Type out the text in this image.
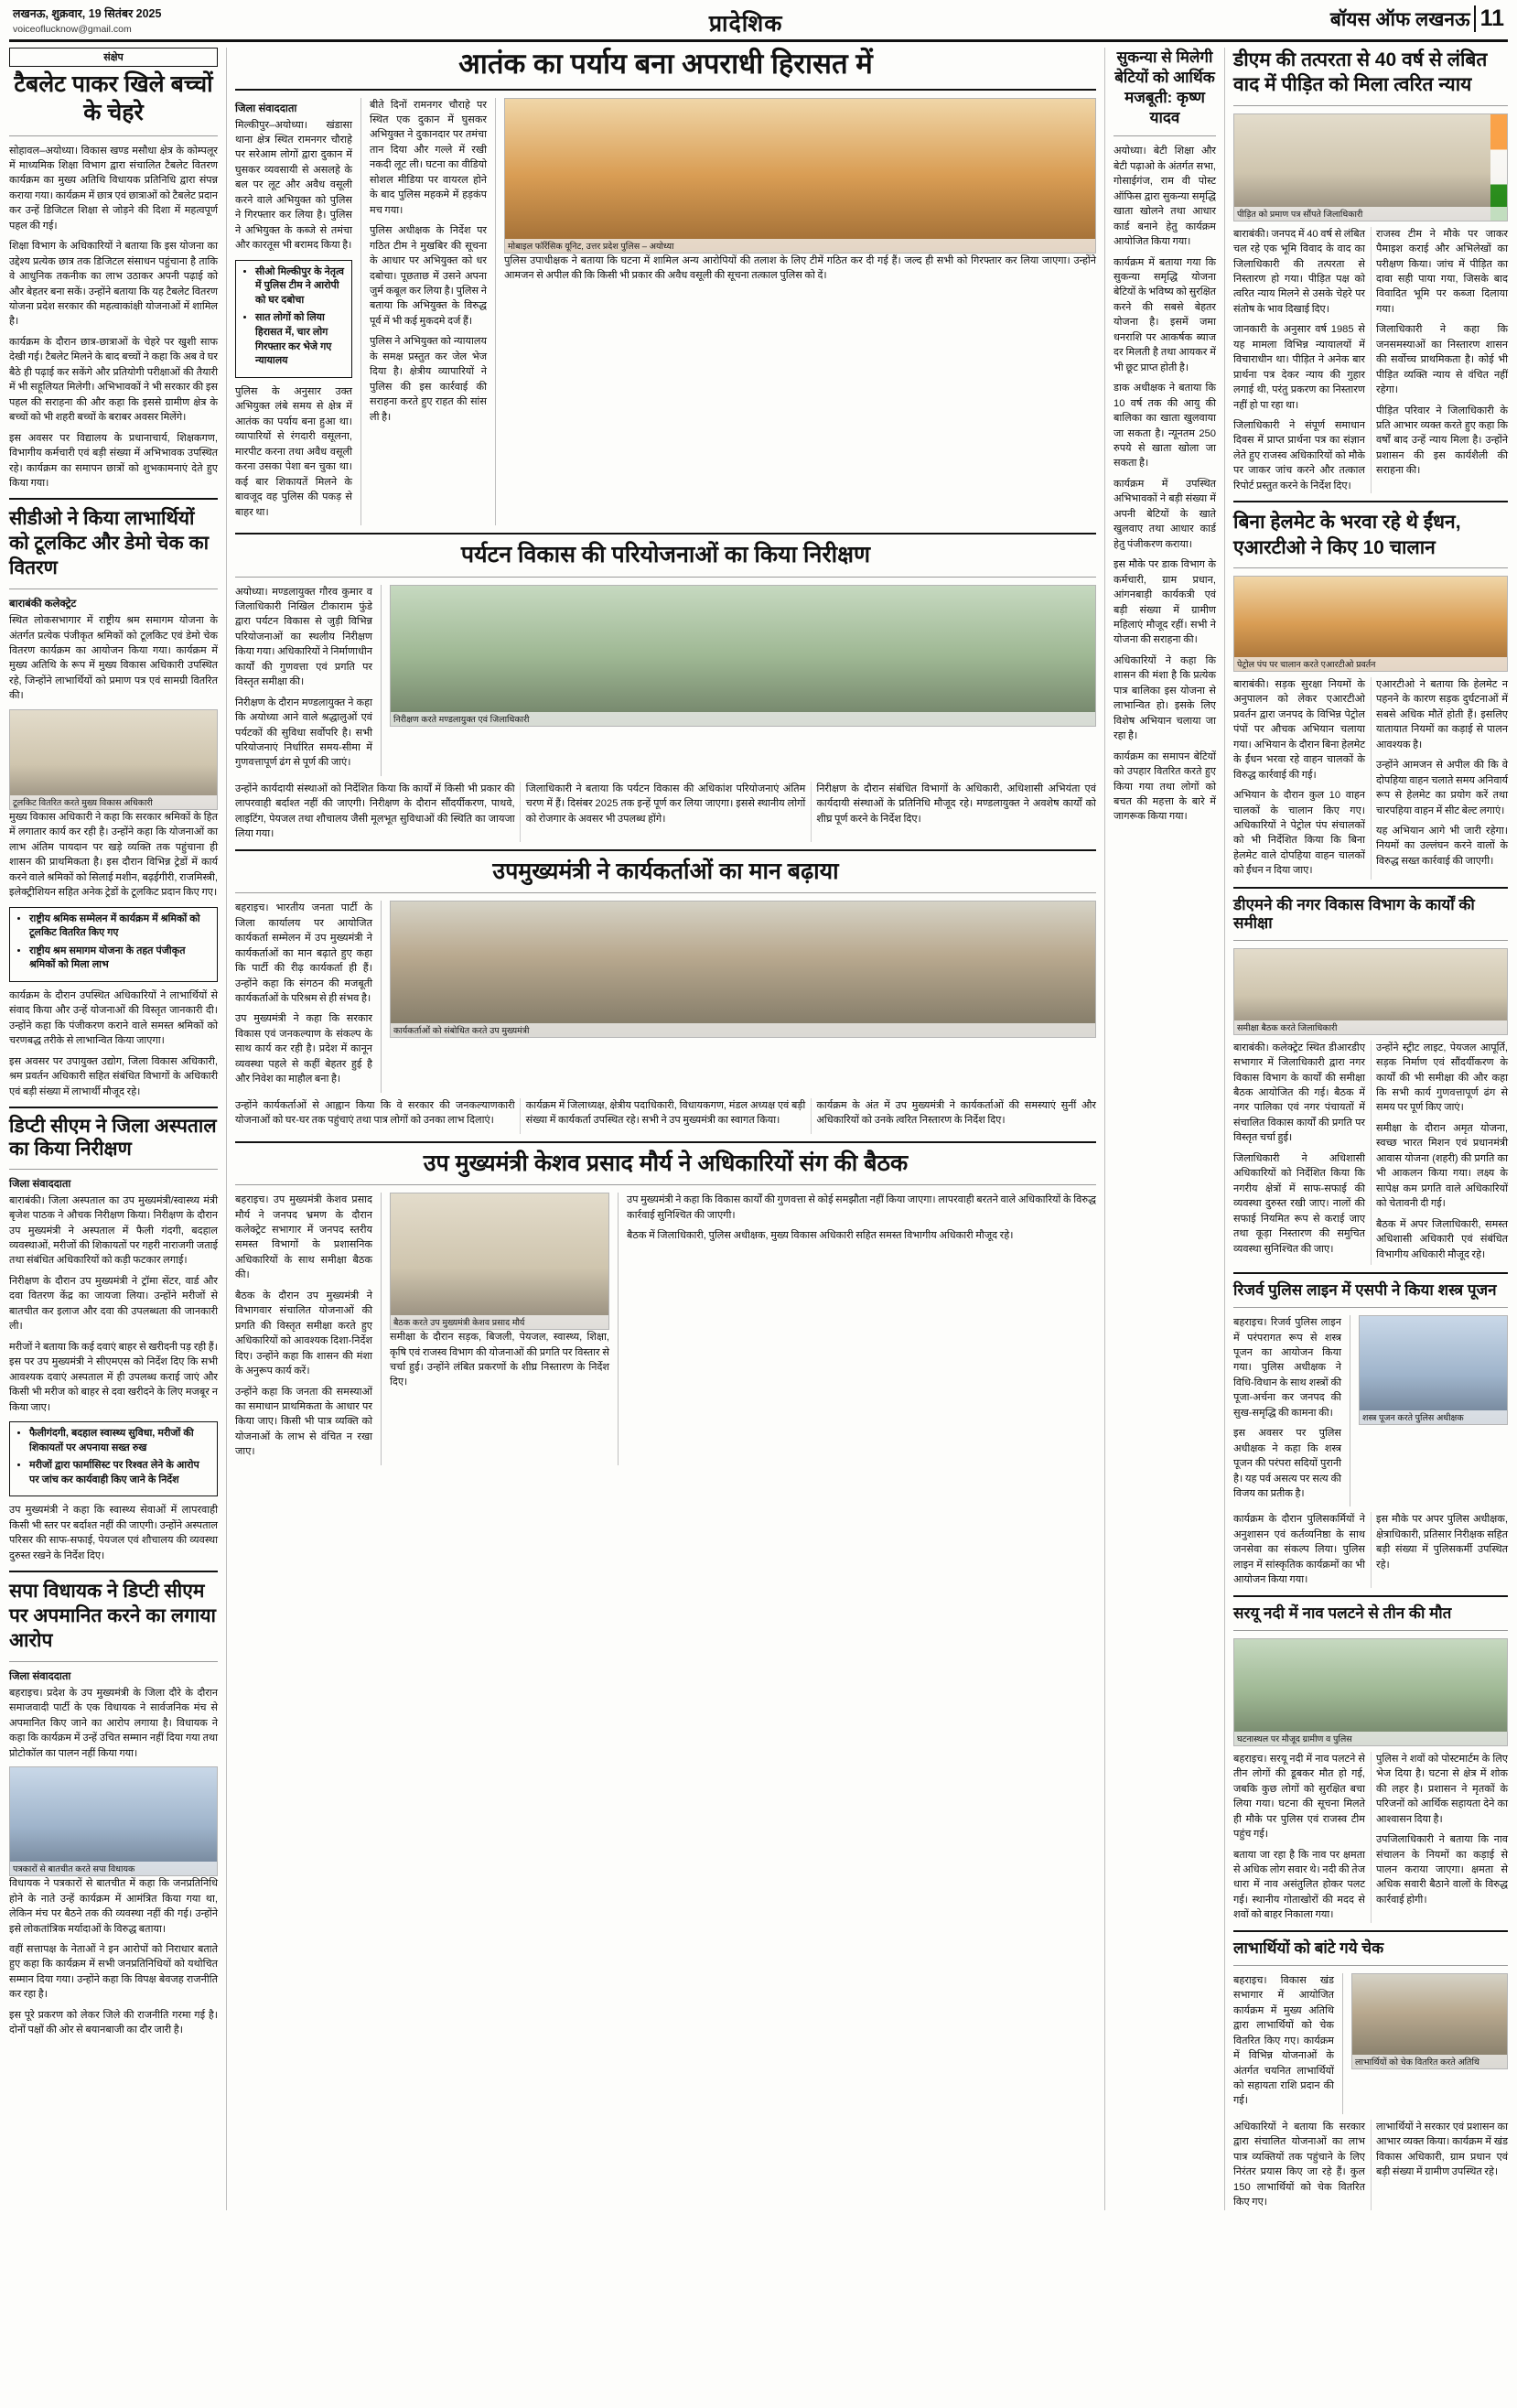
लखनऊ, शुक्रवार, 19 सितंबर 2025
voiceoflucknow@gmail.com	प्रादेशिक	बॉयस ऑफ लखनऊ 11
संक्षेप
टैबलेट पाकर खिले बच्चों के चेहरे

सोहावल–अयोध्या। विकास खण्ड मसौधा क्षेत्र के कोम्पलूर में माध्यमिक शिक्षा विभाग द्वारा संचालित टैबलेट वितरण कार्यक्रम का मुख्य अतिथि विधायक प्रतिनिधि द्वारा संपन्न कराया गया। कार्यक्रम में छात्र एवं छात्राओं को टैबलेट प्रदान कर उन्हें डिजिटल शिक्षा से जोड़ने की दिशा में महत्वपूर्ण पहल की गई।

शिक्षा विभाग के अधिकारियों ने बताया कि इस योजना का उद्देश्य प्रत्येक छात्र तक डिजिटल संसाधन पहुंचाना है ताकि वे आधुनिक तकनीक का लाभ उठाकर अपनी पढ़ाई को और बेहतर बना सकें। उन्होंने बताया कि यह टैबलेट वितरण योजना प्रदेश सरकार की महत्वाकांक्षी योजनाओं में शामिल है।

कार्यक्रम के दौरान छात्र-छात्राओं के चेहरे पर खुशी साफ देखी गई। टैबलेट मिलने के बाद बच्चों ने कहा कि अब वे घर बैठे ही पढ़ाई कर सकेंगे और प्रतियोगी परीक्षाओं की तैयारी में भी सहूलियत मिलेगी। अभिभावकों ने भी सरकार की इस पहल की सराहना की और कहा कि इससे ग्रामीण क्षेत्र के बच्चों को भी शहरी बच्चों के बराबर अवसर मिलेंगे।

इस अवसर पर विद्यालय के प्रधानाचार्य, शिक्षकगण, विभागीय कर्मचारी एवं बड़ी संख्या में अभिभावक उपस्थित रहे। कार्यक्रम का समापन छात्रों को शुभकामनाएं देते हुए किया गया।

सीडीओ ने किया लाभार्थियों को टूलकिट और डेमो चेक का वितरण
बाराबंकी कलेक्ट्रेट

स्थित लोकसभागार में राष्ट्रीय श्रम समागम योजना के अंतर्गत प्रत्येक पंजीकृत श्रमिकों को टूलकिट एवं डेमो चेक वितरण कार्यक्रम का आयोजन किया गया। कार्यक्रम में मुख्य अतिथि के रूप में मुख्य विकास अधिकारी उपस्थित रहे, जिन्होंने लाभार्थियों को प्रमाण पत्र एवं सामग्री वितरित की।

टूलकिट वितरित करते मुख्य विकास अधिकारी

मुख्य विकास अधिकारी ने कहा कि सरकार श्रमिकों के हित में लगातार कार्य कर रही है। उन्होंने कहा कि योजनाओं का लाभ अंतिम पायदान पर खड़े व्यक्ति तक पहुंचाना ही शासन की प्राथमिकता है। इस दौरान विभिन्न ट्रेडों में कार्य करने वाले श्रमिकों को सिलाई मशीन, बढ़ईगीरी, राजमिस्त्री, इलेक्ट्रीशियन सहित अनेक ट्रेडों के टूलकिट प्रदान किए गए।

• राष्ट्रीय श्रमिक सम्मेलन में कार्यक्रम में श्रमिकों को टूलकिट वितरित किए गए
• राष्ट्रीय श्रम समागम योजना के तहत पंजीकृत श्रमिकों को मिला लाभ

कार्यक्रम के दौरान उपस्थित अधिकारियों ने लाभार्थियों से संवाद किया और उन्हें योजनाओं की विस्तृत जानकारी दी। उन्होंने कहा कि पंजीकरण कराने वाले समस्त श्रमिकों को चरणबद्ध तरीके से लाभान्वित किया जाएगा।

इस अवसर पर उपायुक्त उद्योग, जिला विकास अधिकारी, श्रम प्रवर्तन अधिकारी सहित संबंधित विभागों के अधिकारी एवं बड़ी संख्या में लाभार्थी मौजूद रहे।

डिप्टी सीएम ने जिला अस्पताल का किया निरीक्षण
जिला संवाददाता

बाराबंकी। जिला अस्पताल का उप मुख्यमंत्री/स्वास्थ्य मंत्री बृजेश पाठक ने औचक निरीक्षण किया। निरीक्षण के दौरान उप मुख्यमंत्री ने अस्पताल में फैली गंदगी, बदहाल व्यवस्थाओं, मरीजों की शिकायतों पर गहरी नाराजगी जताई तथा संबंधित अधिकारियों को कड़ी फटकार लगाई।

निरीक्षण के दौरान उप मुख्यमंत्री ने ट्रॉमा सेंटर, वार्ड और दवा वितरण केंद्र का जायजा लिया। उन्होंने मरीजों से बातचीत कर इलाज और दवा की उपलब्धता की जानकारी ली।

मरीजों ने बताया कि कई दवाएं बाहर से खरीदनी पड़ रही हैं। इस पर उप मुख्यमंत्री ने सीएमएस को निर्देश दिए कि सभी आवश्यक दवाएं अस्पताल में ही उपलब्ध कराई जाएं और किसी भी मरीज को बाहर से दवा खरीदने के लिए मजबूर न किया जाए।

• फैलीगंदगी, बदहाल स्वास्थ्य सुविधा, मरीजों की शिकायतों पर अपनाया सख्त रुख
• मरीजों द्वारा फार्मासिस्ट पर रिश्वत लेने के आरोप पर जांच कर कार्यवाही किए जाने के निर्देश

उप मुख्यमंत्री ने कहा कि स्वास्थ्य सेवाओं में लापरवाही किसी भी स्तर पर बर्दाश्त नहीं की जाएगी। उन्होंने अस्पताल परिसर की साफ-सफाई, पेयजल एवं शौचालय की व्यवस्था दुरुस्त रखने के निर्देश दिए।

सपा विधायक ने डिप्टी सीएम पर अपमानित करने का लगाया आरोप
जिला संवाददाता

बहराइच। प्रदेश के उप मुख्यमंत्री के जिला दौरे के दौरान समाजवादी पार्टी के एक विधायक ने सार्वजनिक मंच से अपमानित किए जाने का आरोप लगाया है। विधायक ने कहा कि कार्यक्रम में उन्हें उचित सम्मान नहीं दिया गया तथा प्रोटोकॉल का पालन नहीं किया गया।

पत्रकारों से बातचीत करते सपा विधायक

विधायक ने पत्रकारों से बातचीत में कहा कि जनप्रतिनिधि होने के नाते उन्हें कार्यक्रम में आमंत्रित किया गया था, लेकिन मंच पर बैठने तक की व्यवस्था नहीं की गई। उन्होंने इसे लोकतांत्रिक मर्यादाओं के विरुद्ध बताया।

वहीं सत्तापक्ष के नेताओं ने इन आरोपों को निराधार बताते हुए कहा कि कार्यक्रम में सभी जनप्रतिनिधियों को यथोचित सम्मान दिया गया। उन्होंने कहा कि विपक्ष बेवजह राजनीति कर रहा है।

इस पूरे प्रकरण को लेकर जिले की राजनीति गरमा गई है। दोनों पक्षों की ओर से बयानबाजी का दौर जारी है।

आतंक का पर्याय बना अपराधी हिरासत में
जिला संवाददाता

मिल्कीपुर–अयोध्या। खंडासा थाना क्षेत्र स्थित रामनगर चौराहे पर सरेआम लोगों द्वारा दुकान में घुसकर व्यवसायी से असलहे के बल पर लूट और अवैध वसूली करने वाले अभियुक्त को पुलिस ने गिरफ्तार कर लिया है। पुलिस ने अभियुक्त के कब्जे से तमंचा और कारतूस भी बरामद किया है।

• सीओ मिल्कीपुर के नेतृत्व में पुलिस टीम ने आरोपी को घर दबोचा
• सात लोगों को लिया हिरासत में, चार लोग गिरफ्तार कर भेजे गए न्यायालय

पुलिस के अनुसार उक्त अभियुक्त लंबे समय से क्षेत्र में आतंक का पर्याय बना हुआ था। व्यापारियों से रंगदारी वसूलना, मारपीट करना तथा अवैध वसूली करना उसका पेशा बन चुका था। कई बार शिकायतें मिलने के बावजूद वह पुलिस की पकड़ से बाहर था।

बीते दिनों रामनगर चौराहे पर स्थित एक दुकान में घुसकर अभियुक्त ने दुकानदार पर तमंचा तान दिया और गल्ले में रखी नकदी लूट ली। घटना का वीडियो सोशल मीडिया पर वायरल होने के बाद पुलिस महकमे में हड़कंप मच गया।

पुलिस अधीक्षक के निर्देश पर गठित टीम ने मुखबिर की सूचना के आधार पर अभियुक्त को धर दबोचा। पूछताछ में उसने अपना जुर्म कबूल कर लिया है। पुलिस ने बताया कि अभियुक्त के विरुद्ध पूर्व में भी कई मुकदमे दर्ज हैं।

पुलिस ने अभियुक्त को न्यायालय के समक्ष प्रस्तुत कर जेल भेज दिया है। क्षेत्रीय व्यापारियों ने पुलिस की इस कार्रवाई की सराहना करते हुए राहत की सांस ली है।

मोबाइल फॉरेंसिक यूनिट, उत्तर प्रदेश पुलिस – अयोध्या

पुलिस उपाधीक्षक ने बताया कि घटना में शामिल अन्य आरोपियों की तलाश के लिए टीमें गठित कर दी गई हैं। जल्द ही सभी को गिरफ्तार कर लिया जाएगा। उन्होंने आमजन से अपील की कि किसी भी प्रकार की अवैध वसूली की सूचना तत्काल पुलिस को दें।

पर्यटन विकास की परियोजनाओं का किया निरीक्षण

अयोध्या। मण्डलायुक्त गौरव कुमार व जिलाधिकारी निखिल टीकाराम फुंडे द्वारा पर्यटन विकास से जुड़ी विभिन्न परियोजनाओं का स्थलीय निरीक्षण किया गया। अधिकारियों ने निर्माणाधीन कार्यों की गुणवत्ता एवं प्रगति पर विस्तृत समीक्षा की।

निरीक्षण के दौरान मण्डलायुक्त ने कहा कि अयोध्या आने वाले श्रद्धालुओं एवं पर्यटकों की सुविधा सर्वोपरि है। सभी परियोजनाएं निर्धारित समय-सीमा में गुणवत्तापूर्ण ढंग से पूर्ण की जाएं।

निरीक्षण करते मण्डलायुक्त एवं जिलाधिकारी

उन्होंने कार्यदायी संस्थाओं को निर्देशित किया कि कार्यों में किसी भी प्रकार की लापरवाही बर्दाश्त नहीं की जाएगी। निरीक्षण के दौरान सौंदर्यीकरण, पाथवे, लाइटिंग, पेयजल तथा शौचालय जैसी मूलभूत सुविधाओं की स्थिति का जायजा लिया गया।

जिलाधिकारी ने बताया कि पर्यटन विकास की अधिकांश परियोजनाएं अंतिम चरण में हैं। दिसंबर 2025 तक इन्हें पूर्ण कर लिया जाएगा। इससे स्थानीय लोगों को रोजगार के अवसर भी उपलब्ध होंगे।

निरीक्षण के दौरान संबंधित विभागों के अधिकारी, अधिशासी अभियंता एवं कार्यदायी संस्थाओं के प्रतिनिधि मौजूद रहे। मण्डलायुक्त ने अवशेष कार्यों को शीघ्र पूर्ण करने के निर्देश दिए।

उपमुख्यमंत्री ने कार्यकर्ताओं का मान बढ़ाया

बहराइच। भारतीय जनता पार्टी के जिला कार्यालय पर आयोजित कार्यकर्ता सम्मेलन में उप मुख्यमंत्री ने कार्यकर्ताओं का मान बढ़ाते हुए कहा कि पार्टी की रीढ़ कार्यकर्ता ही हैं। उन्होंने कहा कि संगठन की मजबूती कार्यकर्ताओं के परिश्रम से ही संभव है।

उप मुख्यमंत्री ने कहा कि सरकार विकास एवं जनकल्याण के संकल्प के साथ कार्य कर रही है। प्रदेश में कानून व्यवस्था पहले से कहीं बेहतर हुई है और निवेश का माहौल बना है।

कार्यकर्ताओं को संबोधित करते उप मुख्यमंत्री

उन्होंने कार्यकर्ताओं से आह्वान किया कि वे सरकार की जनकल्याणकारी योजनाओं को घर-घर तक पहुंचाएं तथा पात्र लोगों को उनका लाभ दिलाएं।

कार्यक्रम में जिलाध्यक्ष, क्षेत्रीय पदाधिकारी, विधायकगण, मंडल अध्यक्ष एवं बड़ी संख्या में कार्यकर्ता उपस्थित रहे। सभी ने उप मुख्यमंत्री का स्वागत किया।

कार्यक्रम के अंत में उप मुख्यमंत्री ने कार्यकर्ताओं की समस्याएं सुनीं और अधिकारियों को उनके त्वरित निस्तारण के निर्देश दिए।

उप मुख्यमंत्री केशव प्रसाद मौर्य ने अधिकारियों संग की बैठक

बहराइच। उप मुख्यमंत्री केशव प्रसाद मौर्य ने जनपद भ्रमण के दौरान कलेक्ट्रेट सभागार में जनपद स्तरीय समस्त विभागों के प्रशासनिक अधिकारियों के साथ समीक्षा बैठक की।

बैठक के दौरान उप मुख्यमंत्री ने विभागवार संचालित योजनाओं की प्रगति की विस्तृत समीक्षा करते हुए अधिकारियों को आवश्यक दिशा-निर्देश दिए। उन्होंने कहा कि शासन की मंशा के अनुरूप कार्य करें।

उन्होंने कहा कि जनता की समस्याओं का समाधान प्राथमिकता के आधार पर किया जाए। किसी भी पात्र व्यक्ति को योजनाओं के लाभ से वंचित न रखा जाए।

बैठक करते उप मुख्यमंत्री केशव प्रसाद मौर्य

समीक्षा के दौरान सड़क, बिजली, पेयजल, स्वास्थ्य, शिक्षा, कृषि एवं राजस्व विभाग की योजनाओं की प्रगति पर विस्तार से चर्चा हुई। उन्होंने लंबित प्रकरणों के शीघ्र निस्तारण के निर्देश दिए।

उप मुख्यमंत्री ने कहा कि विकास कार्यों की गुणवत्ता से कोई समझौता नहीं किया जाएगा। लापरवाही बरतने वाले अधिकारियों के विरुद्ध कार्रवाई सुनिश्चित की जाएगी।

बैठक में जिलाधिकारी, पुलिस अधीक्षक, मुख्य विकास अधिकारी सहित समस्त विभागीय अधिकारी मौजूद रहे।

सुकन्या से मिलेगी बेटियों को आर्थिक मजबूती: कृष्ण यादव

अयोध्या। बेटी शिक्षा और बेटी पढ़ाओ के अंतर्गत सभा, गोसाईगंज, राम वी पोस्ट ऑफिस द्वारा सुकन्या समृद्धि खाता खोलने तथा आधार कार्ड बनाने हेतु कार्यक्रम आयोजित किया गया।

कार्यक्रम में बताया गया कि सुकन्या समृद्धि योजना बेटियों के भविष्य को सुरक्षित करने की सबसे बेहतर योजना है। इसमें जमा धनराशि पर आकर्षक ब्याज दर मिलती है तथा आयकर में भी छूट प्राप्त होती है।

डाक अधीक्षक ने बताया कि 10 वर्ष तक की आयु की बालिका का खाता खुलवाया जा सकता है। न्यूनतम 250 रुपये से खाता खोला जा सकता है।

कार्यक्रम में उपस्थित अभिभावकों ने बड़ी संख्या में अपनी बेटियों के खाते खुलवाए तथा आधार कार्ड हेतु पंजीकरण कराया।

इस मौके पर डाक विभाग के कर्मचारी, ग्राम प्रधान, आंगनबाड़ी कार्यकत्री एवं बड़ी संख्या में ग्रामीण महिलाएं मौजूद रहीं। सभी ने योजना की सराहना की।

अधिकारियों ने कहा कि शासन की मंशा है कि प्रत्येक पात्र बालिका इस योजना से लाभान्वित हो। इसके लिए विशेष अभियान चलाया जा रहा है।

कार्यक्रम का समापन बेटियों को उपहार वितरित करते हुए किया गया तथा लोगों को बचत की महत्ता के बारे में जागरूक किया गया।

डीएम की तत्परता से 40 वर्ष से लंबित वाद में पीड़ित को मिला त्वरित न्याय
पीड़ित को प्रमाण पत्र सौंपते जिलाधिकारी

बाराबंकी। जनपद में 40 वर्ष से लंबित चल रहे एक भूमि विवाद के वाद का जिलाधिकारी की तत्परता से निस्तारण हो गया। पीड़ित पक्ष को त्वरित न्याय मिलने से उसके चेहरे पर संतोष के भाव दिखाई दिए।

जानकारी के अनुसार वर्ष 1985 से यह मामला विभिन्न न्यायालयों में विचाराधीन था। पीड़ित ने अनेक बार प्रार्थना पत्र देकर न्याय की गुहार लगाई थी, परंतु प्रकरण का निस्तारण नहीं हो पा रहा था।

जिलाधिकारी ने संपूर्ण समाधान दिवस में प्राप्त प्रार्थना पत्र का संज्ञान लेते हुए राजस्व अधिकारियों को मौके पर जाकर जांच करने और तत्काल रिपोर्ट प्रस्तुत करने के निर्देश दिए।

राजस्व टीम ने मौके पर जाकर पैमाइश कराई और अभिलेखों का परीक्षण किया। जांच में पीड़ित का दावा सही पाया गया, जिसके बाद विवादित भूमि पर कब्जा दिलाया गया।

जिलाधिकारी ने कहा कि जनसमस्याओं का निस्तारण शासन की सर्वोच्च प्राथमिकता है। कोई भी पीड़ित व्यक्ति न्याय से वंचित नहीं रहेगा।

पीड़ित परिवार ने जिलाधिकारी के प्रति आभार व्यक्त करते हुए कहा कि वर्षों बाद उन्हें न्याय मिला है। उन्होंने प्रशासन की इस कार्यशैली की सराहना की।

बिना हेलमेट के भरवा रहे थे ईंधन, एआरटीओ ने किए 10 चालान
पेट्रोल पंप पर चालान करते एआरटीओ प्रवर्तन

बाराबंकी। सड़क सुरक्षा नियमों के अनुपालन को लेकर एआरटीओ प्रवर्तन द्वारा जनपद के विभिन्न पेट्रोल पंपों पर औचक अभियान चलाया गया। अभियान के दौरान बिना हेलमेट के ईंधन भरवा रहे वाहन चालकों के विरुद्ध कार्रवाई की गई।

अभियान के दौरान कुल 10 वाहन चालकों के चालान किए गए। अधिकारियों ने पेट्रोल पंप संचालकों को भी निर्देशित किया कि बिना हेलमेट वाले दोपहिया वाहन चालकों को ईंधन न दिया जाए।

एआरटीओ ने बताया कि हेलमेट न पहनने के कारण सड़क दुर्घटनाओं में सबसे अधिक मौतें होती हैं। इसलिए यातायात नियमों का कड़ाई से पालन आवश्यक है।

उन्होंने आमजन से अपील की कि वे दोपहिया वाहन चलाते समय अनिवार्य रूप से हेलमेट का प्रयोग करें तथा चारपहिया वाहन में सीट बेल्ट लगाएं।

यह अभियान आगे भी जारी रहेगा। नियमों का उल्लंघन करने वालों के विरुद्ध सख्त कार्रवाई की जाएगी।

डीएमने की नगर विकास विभाग के कार्यों की समीक्षा
समीक्षा बैठक करते जिलाधिकारी

बाराबंकी। कलेक्ट्रेट स्थित डीआरडीए सभागार में जिलाधिकारी द्वारा नगर विकास विभाग के कार्यों की समीक्षा बैठक आयोजित की गई। बैठक में नगर पालिका एवं नगर पंचायतों में संचालित विकास कार्यों की प्रगति पर विस्तृत चर्चा हुई।

जिलाधिकारी ने अधिशासी अधिकारियों को निर्देशित किया कि नगरीय क्षेत्रों में साफ-सफाई की व्यवस्था दुरुस्त रखी जाए। नालों की सफाई नियमित रूप से कराई जाए तथा कूड़ा निस्तारण की समुचित व्यवस्था सुनिश्चित की जाए।

उन्होंने स्ट्रीट लाइट, पेयजल आपूर्ति, सड़क निर्माण एवं सौंदर्यीकरण के कार्यों की भी समीक्षा की और कहा कि सभी कार्य गुणवत्तापूर्ण ढंग से समय पर पूर्ण किए जाएं।

समीक्षा के दौरान अमृत योजना, स्वच्छ भारत मिशन एवं प्रधानमंत्री आवास योजना (शहरी) की प्रगति का भी आकलन किया गया। लक्ष्य के सापेक्ष कम प्रगति वाले अधिकारियों को चेतावनी दी गई।

बैठक में अपर जिलाधिकारी, समस्त अधिशासी अधिकारी एवं संबंधित विभागीय अधिकारी मौजूद रहे।

रिजर्व पुलिस लाइन में एसपी ने किया शस्त्र पूजन

बहराइच। रिजर्व पुलिस लाइन में परंपरागत रूप से शस्त्र पूजन का आयोजन किया गया। पुलिस अधीक्षक ने विधि-विधान के साथ शस्त्रों की पूजा-अर्चना कर जनपद की सुख-समृद्धि की कामना की।

इस अवसर पर पुलिस अधीक्षक ने कहा कि शस्त्र पूजन की परंपरा सदियों पुरानी है। यह पर्व असत्य पर सत्य की विजय का प्रतीक है।

शस्त्र पूजन करते पुलिस अधीक्षक

कार्यक्रम के दौरान पुलिसकर्मियों ने अनुशासन एवं कर्तव्यनिष्ठा के साथ जनसेवा का संकल्प लिया। पुलिस लाइन में सांस्कृतिक कार्यक्रमों का भी आयोजन किया गया।

इस मौके पर अपर पुलिस अधीक्षक, क्षेत्राधिकारी, प्रतिसार निरीक्षक सहित बड़ी संख्या में पुलिसकर्मी उपस्थित रहे।

सरयू नदी में नाव पलटने से तीन की मौत
घटनास्थल पर मौजूद ग्रामीण व पुलिस

बहराइच। सरयू नदी में नाव पलटने से तीन लोगों की डूबकर मौत हो गई, जबकि कुछ लोगों को सुरक्षित बचा लिया गया। घटना की सूचना मिलते ही मौके पर पुलिस एवं राजस्व टीम पहुंच गई।

बताया जा रहा है कि नाव पर क्षमता से अधिक लोग सवार थे। नदी की तेज धारा में नाव असंतुलित होकर पलट गई। स्थानीय गोताखोरों की मदद से शवों को बाहर निकाला गया।

पुलिस ने शवों को पोस्टमार्टम के लिए भेज दिया है। घटना से क्षेत्र में शोक की लहर है। प्रशासन ने मृतकों के परिजनों को आर्थिक सहायता देने का आश्वासन दिया है।

उपजिलाधिकारी ने बताया कि नाव संचालन के नियमों का कड़ाई से पालन कराया जाएगा। क्षमता से अधिक सवारी बैठाने वालों के विरुद्ध कार्रवाई होगी।

लाभार्थियों को बांटे गये चेक

बहराइच। विकास खंड सभागार में आयोजित कार्यक्रम में मुख्य अतिथि द्वारा लाभार्थियों को चेक वितरित किए गए। कार्यक्रम में विभिन्न योजनाओं के अंतर्गत चयनित लाभार्थियों को सहायता राशि प्रदान की गई।

लाभार्थियों को चेक वितरित करते अतिथि

अधिकारियों ने बताया कि सरकार द्वारा संचालित योजनाओं का लाभ पात्र व्यक्तियों तक पहुंचाने के लिए निरंतर प्रयास किए जा रहे हैं। कुल 150 लाभार्थियों को चेक वितरित किए गए।

लाभार्थियों ने सरकार एवं प्रशासन का आभार व्यक्त किया। कार्यक्रम में खंड विकास अधिकारी, ग्राम प्रधान एवं बड़ी संख्या में ग्रामीण उपस्थित रहे।
